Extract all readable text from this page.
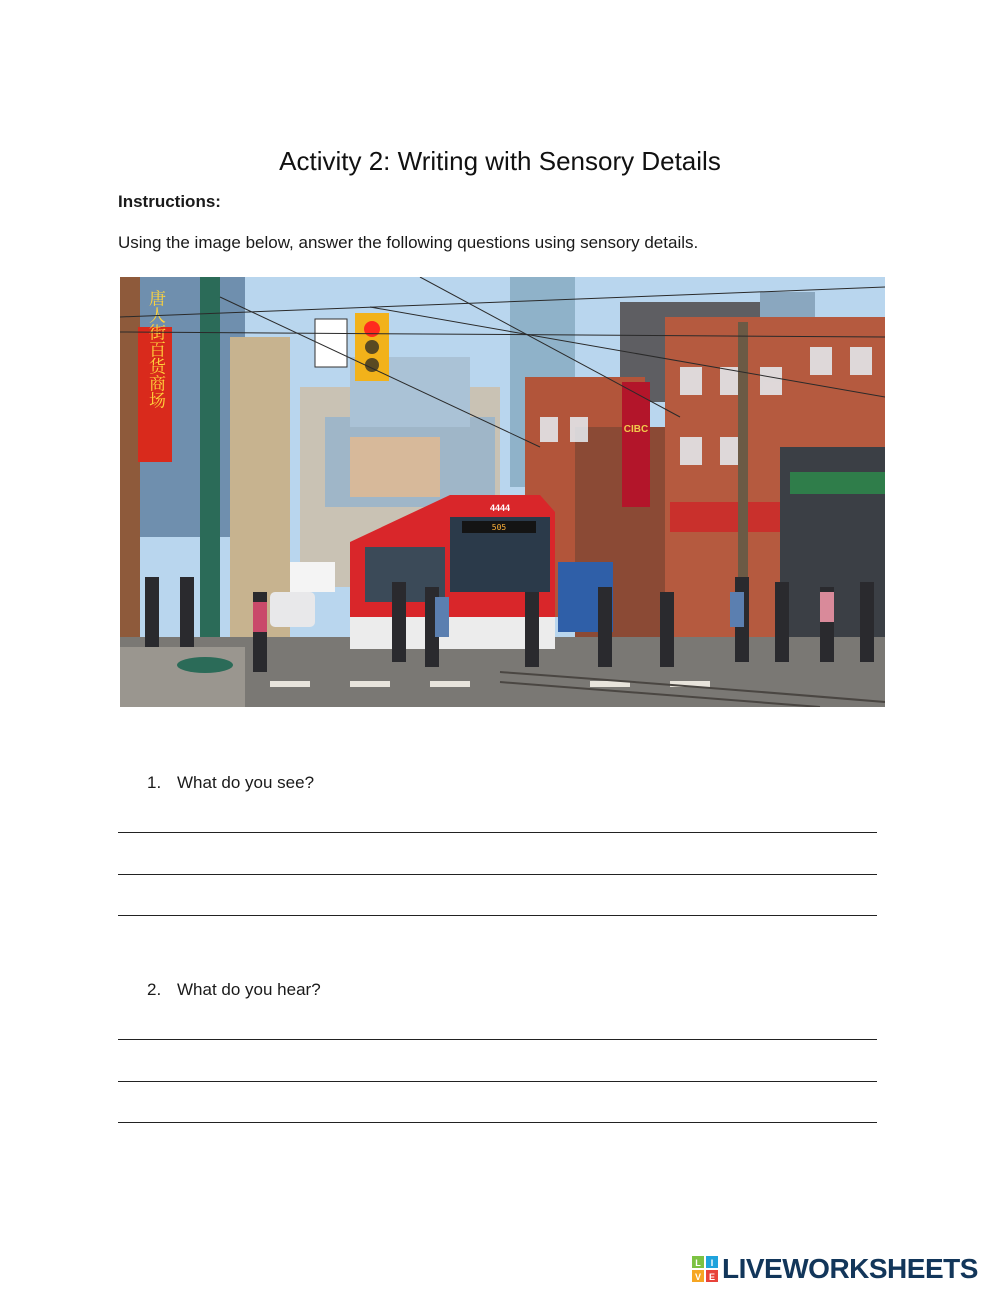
Activity 2: Writing with Sensory Details
Instructions:
Using the image below, answer the following questions using sensory details.
CIBC
唐人街百货商场
505
4444
1. What do you see?
2. What do you hear?
L I
V E LIVEWORKSHEETS
